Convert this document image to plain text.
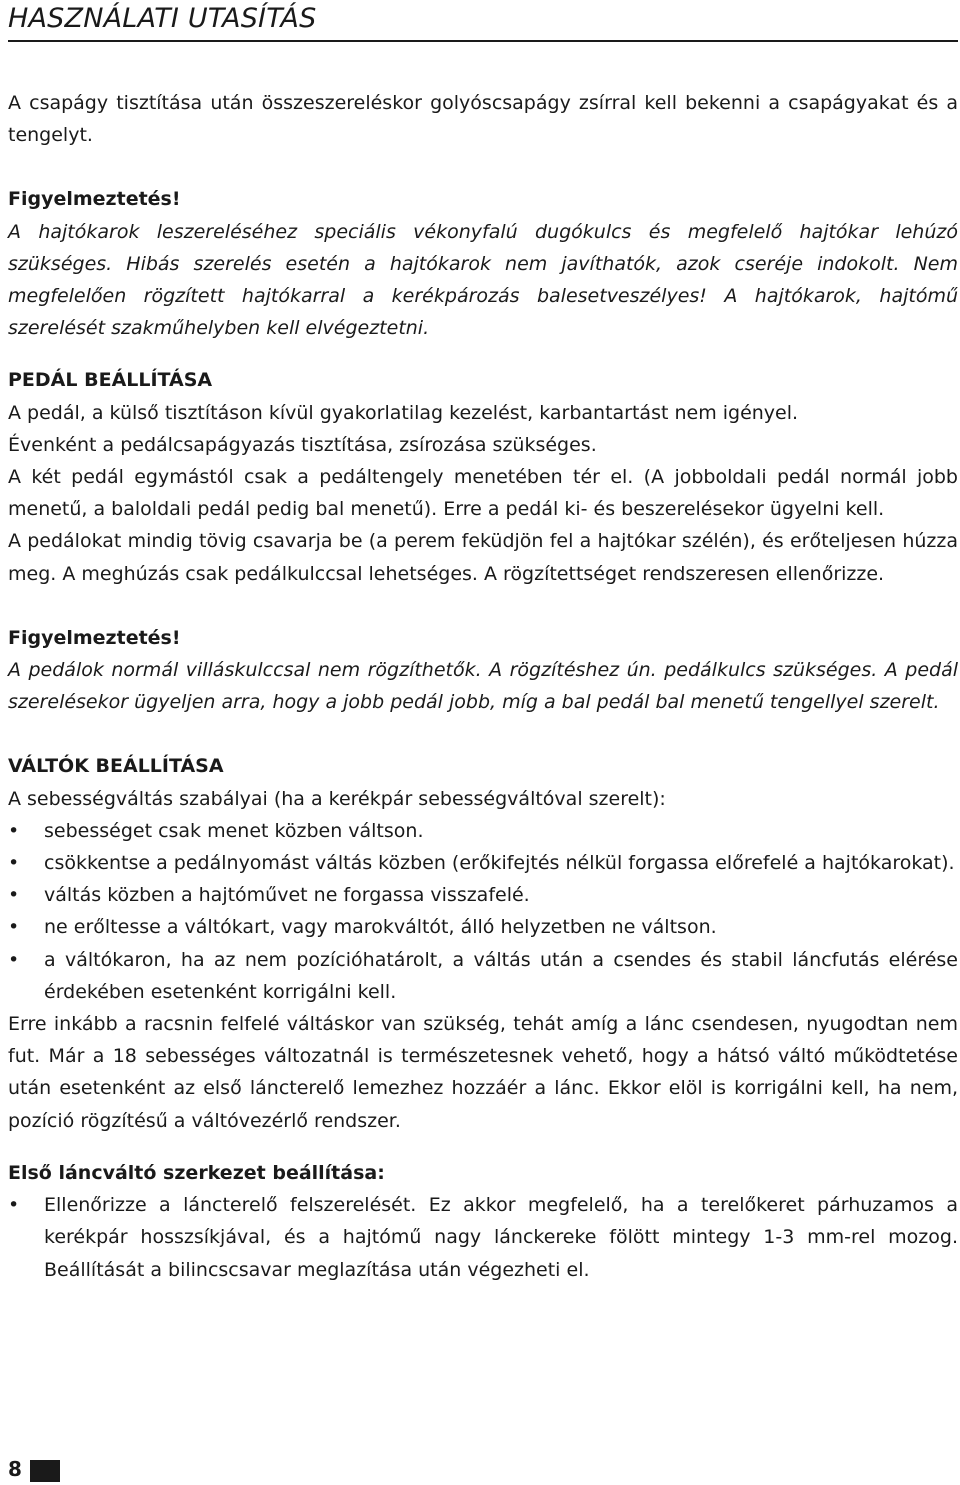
HASZNÁLATI UTASÍTÁS

A csapágy tisztítása után összeszereléskor golyóscsapágy zsírral kell bekenni a csapágyakat és a tengelyt.

Figyelmeztetés!

A hajtókarok leszereléséhez speciális vékonyfalú dugókulcs és megfelelő hajtókar lehúzó szükséges. Hibás szerelés esetén a hajtókarok nem javíthatók, azok cseréje indokolt. Nem megfelelően rögzített hajtókarral a kerékpározás balesetveszélyes! A hajtókarok, hajtómű szerelését szakműhelyben kell elvégeztetni.

PEDÁL BEÁLLÍTÁSA

A pedál, a külső tisztításon kívül gyakorlatilag kezelést, karbantartást nem igényel.

Évenként a pedálcsapágyazás tisztítása, zsírozása szükséges.

A két pedál egymástól csak a pedáltengely menetében tér el. (A jobboldali pedál normál jobb menetű, a baloldali pedál pedig bal menetű). Erre a pedál ki- és beszerelésekor ügyelni kell.

A pedálokat mindig tövig csavarja be (a perem feküdjön fel a hajtókar szélén), és erőteljesen húzza meg. A meghúzás csak pedálkulccsal lehetséges. A rögzítettséget rendszeresen ellenőrizze.

Figyelmeztetés!

A pedálok normál villáskulccsal nem rögzíthetők. A rögzítéshez ún. pedálkulcs szükséges. A pedál szerelésekor ügyeljen arra, hogy a jobb pedál jobb, míg a bal pedál bal menetű tengellyel szerelt.

VÁLTÓK BEÁLLÍTÁSA

A sebességváltás szabályai (ha a kerékpár sebességváltóval szerelt):

• sebességet csak menet közben váltson.
• csökkentse a pedálnyomást váltás közben (erőkifejtés nélkül forgassa előrefelé a hajtókarokat).
• váltás közben a hajtóművet ne forgassa visszafelé.
• ne erőltesse a váltókart, vagy marokváltót, álló helyzetben ne váltson.
• a váltókaron, ha az nem pozícióhatárolt, a váltás után a csendes és stabil láncfutás elérése érdekében esetenként korrigálni kell.

Erre inkább a racsnin felfelé váltáskor van szükség, tehát amíg a lánc csendesen, nyugodtan nem fut. Már a 18 sebességes változatnál is természetesnek vehető, hogy a hátsó váltó működtetése után esetenként az első láncterelő lemezhez hozzáér a lánc. Ekkor elöl is korrigálni kell, ha nem, pozíció rögzítésű a váltóvezérlő rendszer.

Első láncváltó szerkezet beállítása:

• Ellenőrizze a láncterelő felszerelését. Ez akkor megfelelő, ha a terelőkeret párhuzamos a kerékpár hosszsíkjával, és a hajtómű nagy lánckereke fölött mintegy 1-3 mm-rel mozog. Beállítását a bilincscsavar meglazítása után végezheti el.
8
